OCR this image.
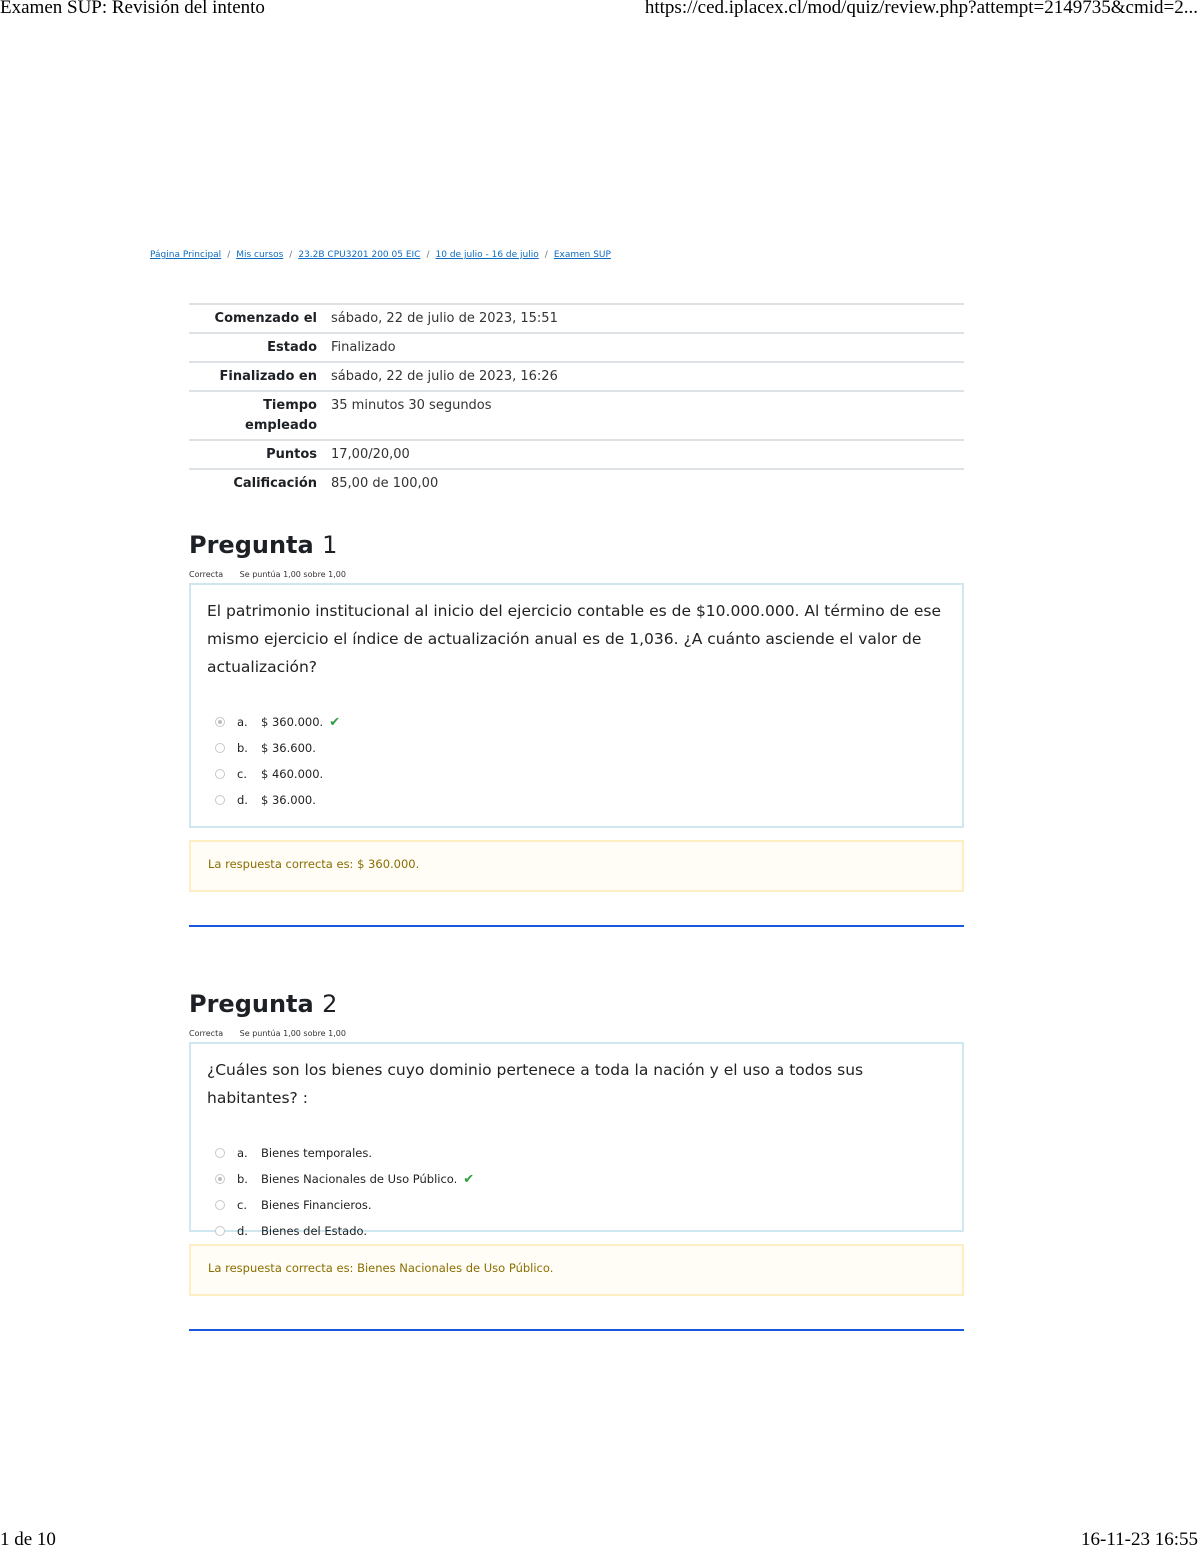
Examen SUP: Revisión del intento	https://ced.iplacex.cl/mod/quiz/review.php?attempt=2149735&cmid=2...
Página Principal / Mis cursos / 23.2B CPU3201 200 05 EIC / 10 de julio - 16 de julio / Examen SUP
Comenzado el	sábado, 22 de julio de 2023, 15:51
Estado	Finalizado
Finalizado en	sábado, 22 de julio de 2023, 16:26
Tiempo empleado	35 minutos 30 segundos
Puntos	17,00/20,00
Calificación	85,00 de 100,00
Pregunta 1
Correcta Se puntúa 1,00 sobre 1,00
El patrimonio institucional al inicio del ejercicio contable es de $10.000.000. Al término de ese mismo ejercicio el índice de actualización anual es de 1,036. ¿A cuánto asciende el valor de actualización?
a.	$ 360.000. ✔
b.	$ 36.600.
c.	$ 460.000.
d.	$ 36.000.
La respuesta correcta es: $ 360.000.
Pregunta 2
Correcta Se puntúa 1,00 sobre 1,00
¿Cuáles son los bienes cuyo dominio pertenece a toda la nación y el uso a todos sus habitantes? :
a.	Bienes temporales.
b.	Bienes Nacionales de Uso Público. ✔
c.	Bienes Financieros.
d.	Bienes del Estado.
La respuesta correcta es: Bienes Nacionales de Uso Público.
1 de 10	16-11-23 16:55
